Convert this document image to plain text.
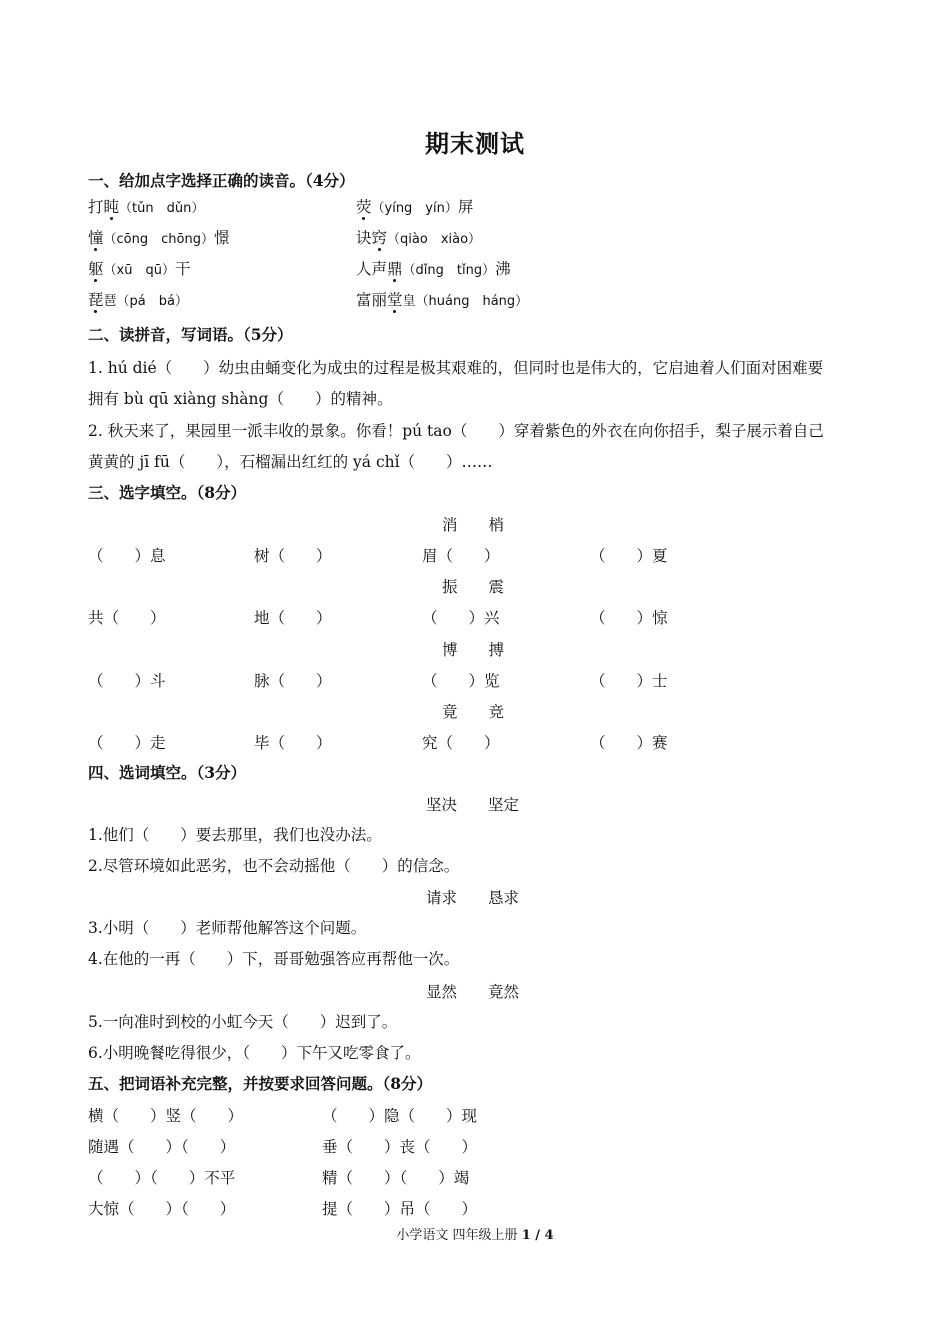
期末测试
一、给加点字选择正确的读音。（4分）
打盹（tǔn　dǔn）	荧（yíng　yín）屏
憧（cōng　chōng）憬	诀窍（qiào　xiào）
躯（xū　qū）干	人声鼎（dǐng　tǐng）沸
琵琶（pá　bá）	富丽堂皇（huáng　háng）
二、读拼音，写词语。（5分）
1. hú dié（　　）幼虫由蛹变化为成虫的过程是极其艰难的，但同时也是伟大的，它启迪着人们面对困难要
拥有 bù qū xiàng shàng（　　）的精神。
2. 秋天来了，果园里一派丰收的景象。你看！pú tao（　　）穿着紫色的外衣在向你招手，梨子展示着自己
黄黄的 jī fū（　　），石榴漏出红红的 yá chǐ（　　）……
三、选字填空。（8分）
消　　梢
（　　）息	树（　　）	眉（　　）	（　　）夏
振　　震
共（　　）	地（　　）	（　　）兴	（　　）惊
博　　搏
（　　）斗	脉（　　）	（　　）览	（　　）士
竟　　竞
（　　）走	毕（　　）	究（　　）	（　　）赛
四、选词填空。（3分）
坚决　　坚定
1.他们（　　）要去那里，我们也没办法。
2.尽管环境如此恶劣，也不会动摇他（　　）的信念。
请求　　恳求
3.小明（　　）老师帮他解答这个问题。
4.在他的一再（　　）下，哥哥勉强答应再帮他一次。
显然　　竟然
5.一向准时到校的小虹今天（　　）迟到了。
6.小明晚餐吃得很少，（　　）下午又吃零食了。
五、把词语补充完整，并按要求回答问题。（8分）
横（　　）竖（　　）	（　　）隐（　　）现
随遇（　　）（　　）	垂（　　）丧（　　）
（　　）（　　）不平	精（　　）（　　）竭
大惊（　　）（　　）	提（　　）吊（　　）
小学语文 四年级上册 1 / 4
